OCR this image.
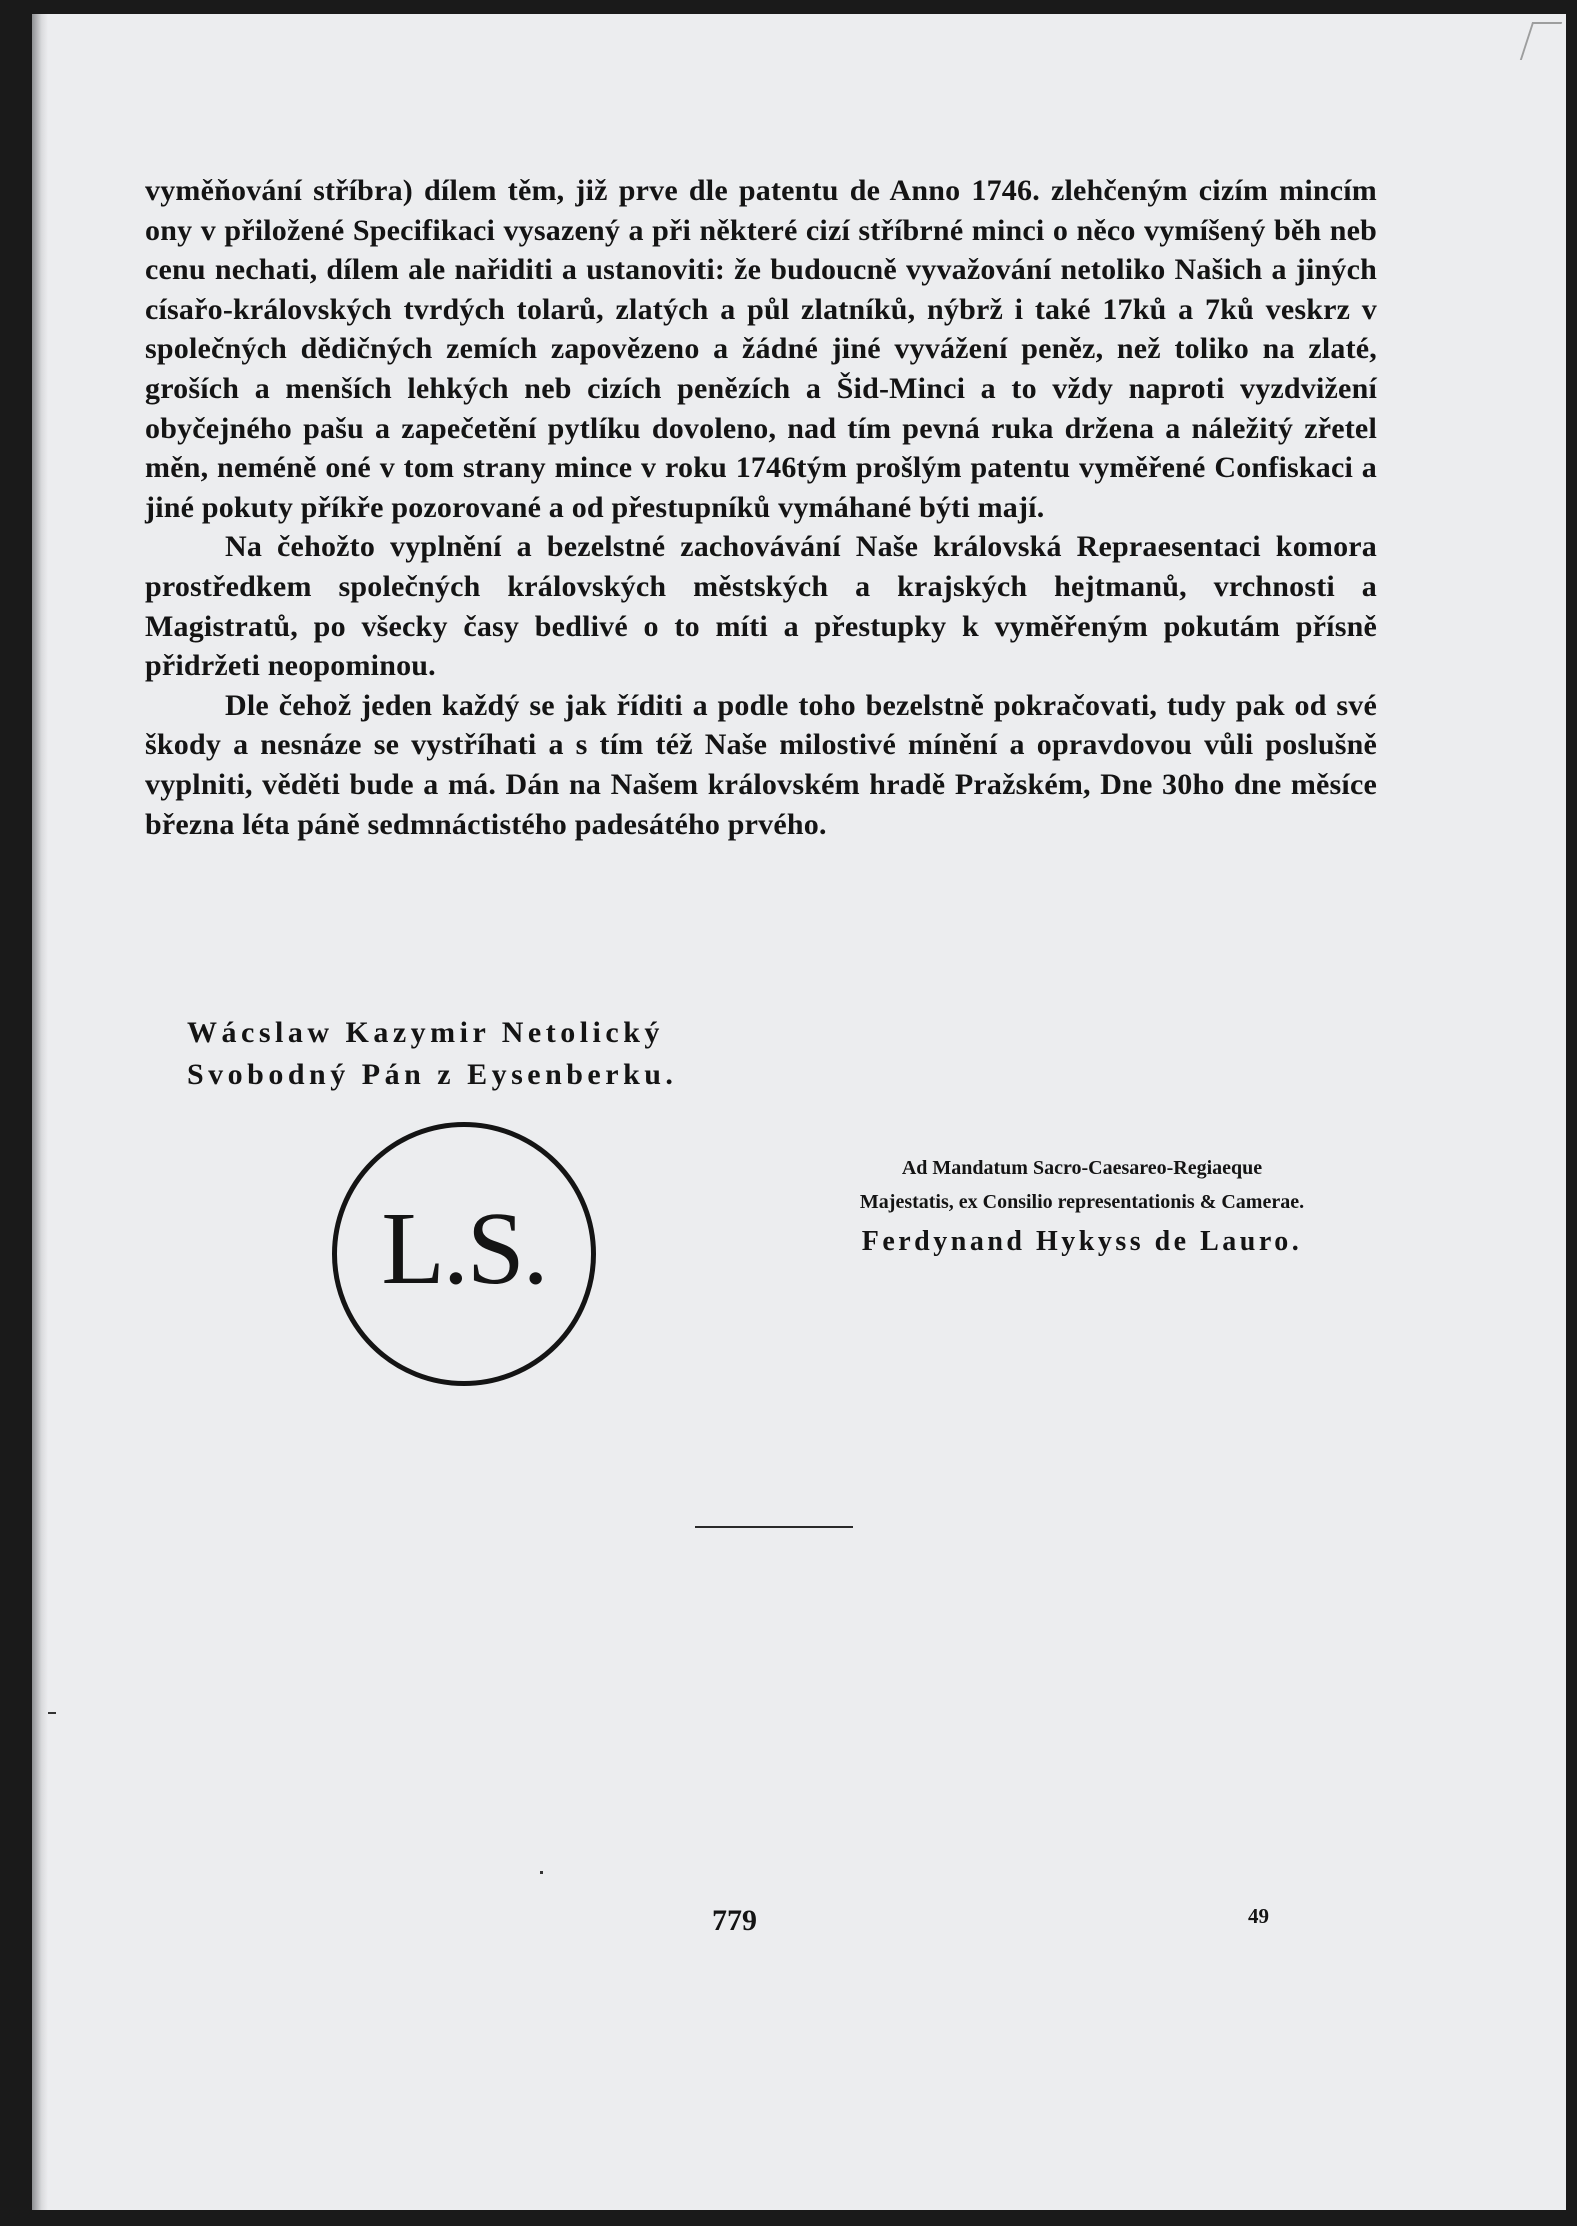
vyměňování stříbra) dílem těm, již prve dle patentu de Anno 1746. zlehčeným cizím mincím ony v přiložené Specifikaci vysazený a při některé cizí stříbrné minci o něco vymíšený běh neb cenu nechati, dílem ale nařiditi a ustanoviti: že budoucně vyvažování netoliko Našich a jiných císařo-královských tvrdých tolarů, zlatých a půl zlatníků, nýbrž i také 17ků a 7ků veskrz v společných dědičných zemích zapovězeno a žádné jiné vyvážení peněz, než toliko na zlaté, groších a menších lehkých neb cizích penězích a Šid-Minci a to vždy naproti vyzdvižení obyčejného pašu a zapečetění pytlíku dovoleno, nad tím pevná ruka držena a náležitý zřetel měn, neméně oné v tom strany mince v roku 1746tým prošlým patentu vyměřené Confiskaci a jiné pokuty příkře pozorované a od přestupníků vymáhané býti mají.

Na čehožto vyplnění a bezelstné zachovávání Naše královská Repraesentaci komora prostředkem společných královských městských a krajských hejtmanů, vrchnosti a Magistratů, po všecky časy bedlivé o to míti a přestupky k vyměřeným pokutám přísně přidržeti neopominou.

Dle čehož jeden každý se jak říditi a podle toho bezelstně pokračovati, tudy pak od své škody a nesnáze se vystříhati a s tím též Naše milostivé mínění a opravdovou vůli poslušně vyplniti, věděti bude a má. Dán na Našem královském hradě Pražském, Dne 30ho dne měsíce března léta páně sedmnáctistého padesátého prvého.

Wácslaw Kazymir Netolický
Svobodný Pán z Eysenberku.
L.S.
Ad Mandatum Sacro-Caesareo-Regiaeque
Majestatis, ex Consilio representationis & Camerae.
Ferdynand Hykyss de Lauro.
779	49
